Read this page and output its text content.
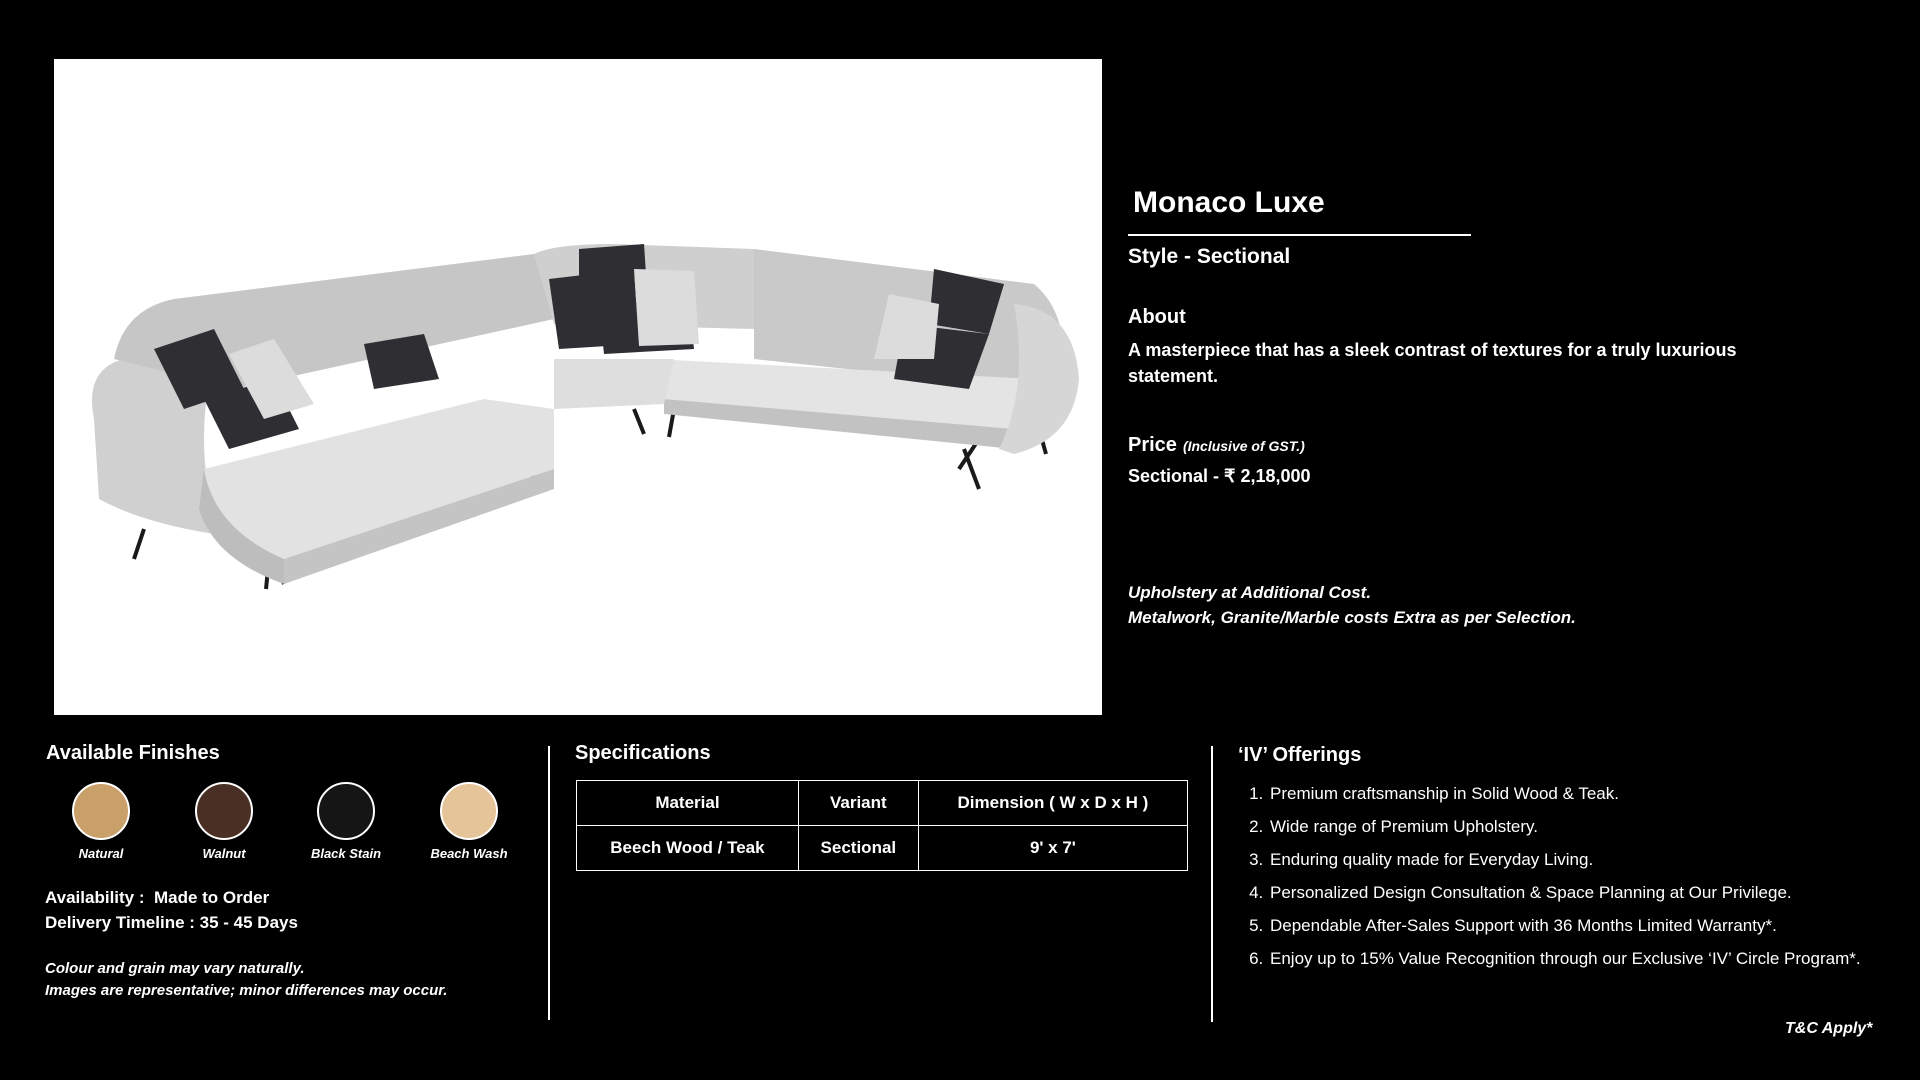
Monaco Luxe
Style - Sectional
About
A masterpiece that has a sleek contrast of textures for a truly luxurious statement.
Price (Inclusive of GST.)
Sectional - ₹ 2,18,000
Upholstery at Additional Cost.
Metalwork, Granite/Marble costs Extra as per Selection.
Available Finishes
Natural	Walnut	Black Stain	Beach Wash
Availability :  Made to Order
Delivery Timeline : 35 - 45 Days
Colour and grain may vary naturally.
Images are representative; minor differences may occur.
Specifications
Material	Variant	Dimension ( W x D x H )
Beech Wood / Teak	Sectional	9' x 7'
‘IV’ Offerings
1. Premium craftsmanship in Solid Wood & Teak.
2. Wide range of Premium Upholstery.
3. Enduring quality made for Everyday Living.
4. Personalized Design Consultation & Space Planning at Our Privilege.
5. Dependable After-Sales Support with 36 Months Limited Warranty*.
6. Enjoy up to 15% Value Recognition through our Exclusive ‘IV’ Circle Program*.
T&C Apply*
